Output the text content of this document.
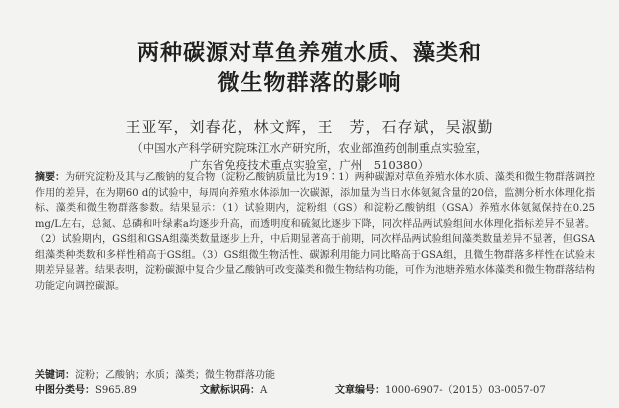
两种碳源对草鱼养殖水质、藻类和
微生物群落的影响
王亚军，刘春花，林文辉，王　芳，石存斌，吴淑勤
（中国水产科学研究院珠江水产研究所，农业部渔药创制重点实验室，
广东省免疫技术重点实验室，广州　510380）
摘要：为研究淀粉及其与乙酸钠的复合物（淀粉乙酸钠质量比为19∶1）两种碳源对草鱼养殖水体水质、藻类和微生物群落调控作用的差异，在为期60 d的试验中，每周向养殖水体添加一次碳源，添加量为当日水体氨氮含量的20倍，监测分析水体理化指标、藻类和微生物群落参数。结果显示：（1）试验期内，淀粉组（GS）和淀粉乙酸钠组（GSA）养殖水体氨氮保持在0.25 mg/L左右，总氮、总磷和叶绿素a均逐步升高，而透明度和硫氮比逐步下降，同次样品两试验组间水体理化指标差异不显著。（2）试验期内，GS组和GSA组藻类数量逐步上升，中后期显著高于前期，同次样品两试验组间藻类数量差异不显著，但GSA组藻类种类数和多样性稍高于GS组。（3）GS组微生物活性、碳源利用能力同比略高于GSA组，且微生物群落多样性在试验末期差异显著。结果表明，淀粉碳源中复合少量乙酸钠可改变藻类和微生物结构功能，可作为池塘养殖水体藻类和微生物群落结构功能定向调控碳源。
关键词：淀粉；乙酸钠；水质；藻类；微生物群落功能
中图分类号：S965.89	文献标识码：A	文章编号：1000-6907-（2015）03-0057-07
